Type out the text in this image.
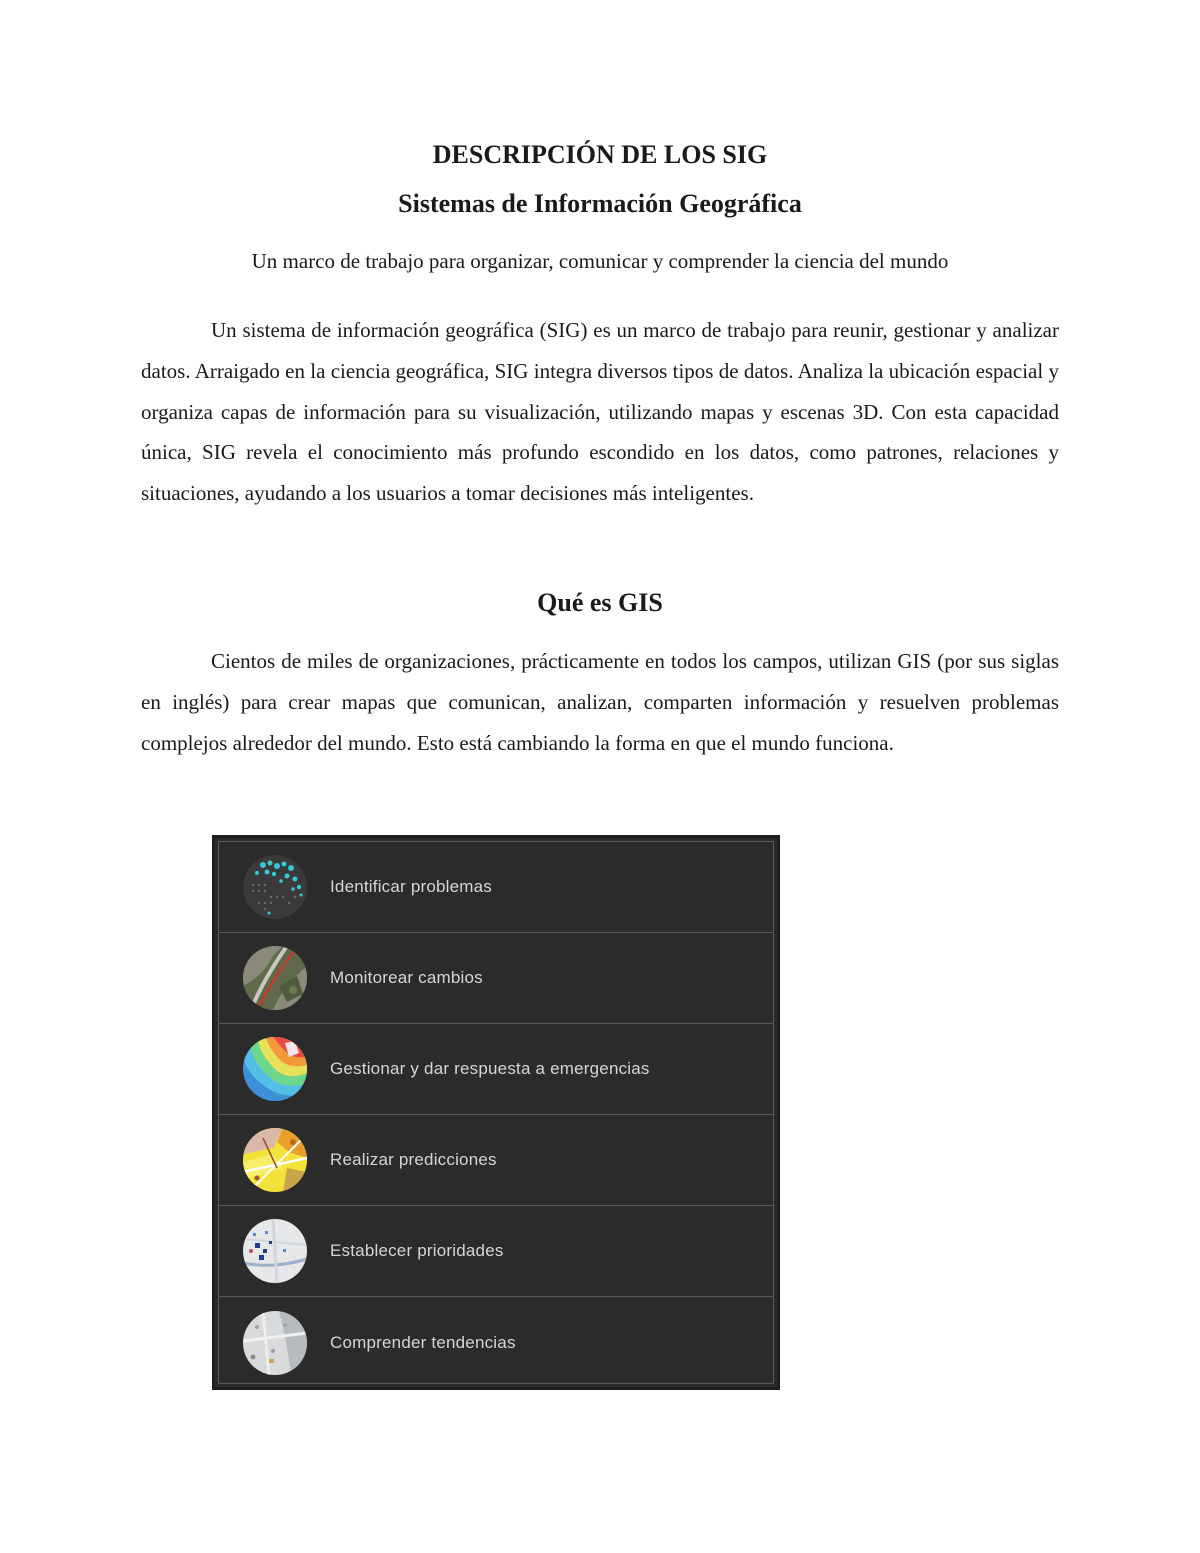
DESCRIPCIÓN DE LOS SIG
Sistemas de Información Geográfica

Un marco de trabajo para organizar, comunicar y comprender la ciencia del mundo

Un sistema de información geográfica (SIG) es un marco de trabajo para reunir, gestionar y analizar datos. Arraigado en la ciencia geográfica, SIG integra diversos tipos de datos. Analiza la ubicación espacial y organiza capas de información para su visualización, utilizando mapas y escenas 3D. Con esta capacidad única, SIG revela el conocimiento más profundo escondido en los datos, como patrones, relaciones y situaciones, ayudando a los usuarios a tomar decisiones más inteligentes.

Qué es GIS

Cientos de miles de organizaciones, prácticamente en todos los campos, utilizan GIS (por sus siglas en inglés) para crear mapas que comunican, analizan, comparten información y resuelven problemas complejos alrededor del mundo. Esto está cambiando la forma en que el mundo funciona.

Identificar problemas
Monitorear cambios
Gestionar y dar respuesta a emergencias
Realizar predicciones
Establecer prioridades
Comprender tendencias
